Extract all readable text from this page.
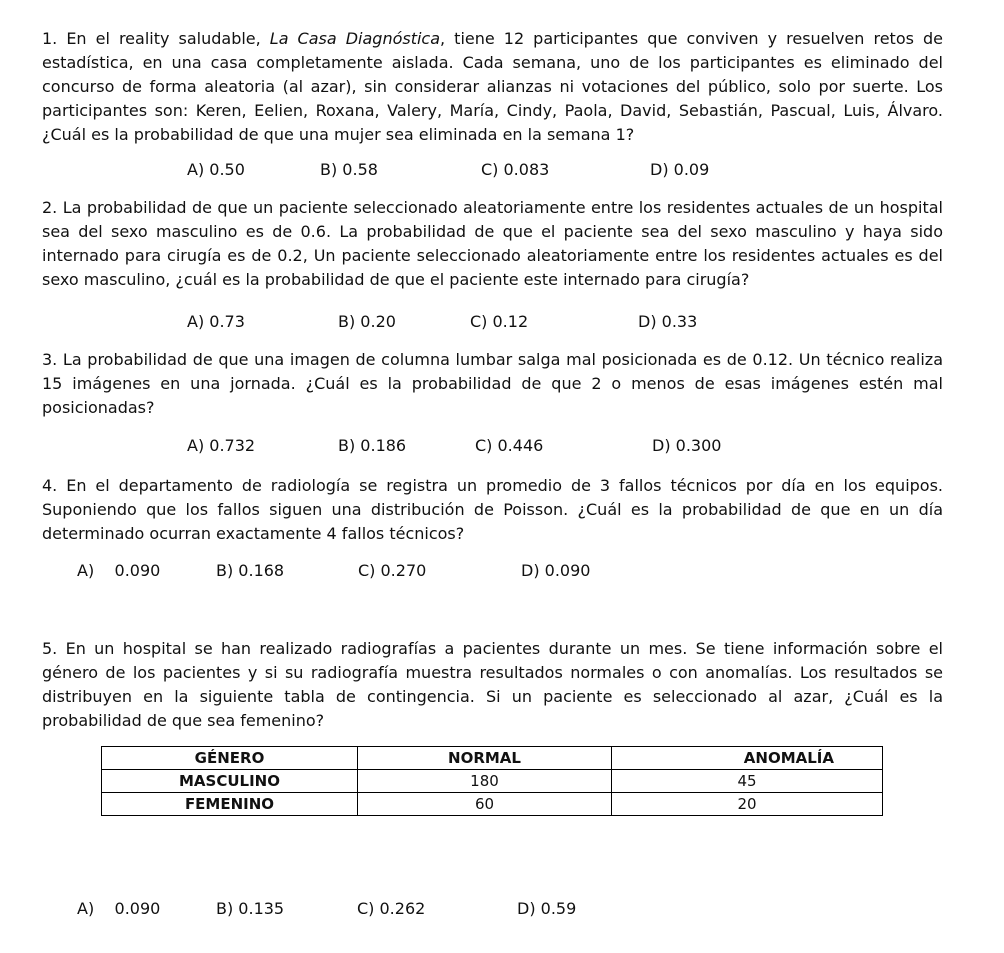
1. En el reality saludable, La Casa Diagnóstica, tiene 12 participantes que conviven y resuelven retos de estadística, en una casa completamente aislada. Cada semana, uno de los participantes es eliminado del concurso de forma aleatoria (al azar), sin considerar alianzas ni votaciones del público, solo por suerte. Los participantes son: Keren, Eelien, Roxana, Valery, María, Cindy, Paola, David, Sebastián, Pascual, Luis, Álvaro. ¿Cuál es la probabilidad de que una mujer sea eliminada en la semana 1?

A) 0.50	B) 0.58	C) 0.083	D) 0.09

2. La probabilidad de que un paciente seleccionado aleatoriamente entre los residentes actuales de un hospital sea del sexo masculino es de 0.6. La probabilidad de que el paciente sea del sexo masculino y haya sido internado para cirugía es de 0.2, Un paciente seleccionado aleatoriamente entre los residentes actuales es del sexo masculino, ¿cuál es la probabilidad de que el paciente este internado para cirugía?

A) 0.73	B) 0.20	C) 0.12	D) 0.33

3. La probabilidad de que una imagen de columna lumbar salga mal posicionada es de 0.12. Un técnico realiza 15 imágenes en una jornada. ¿Cuál es la probabilidad de que 2 o menos de esas imágenes estén mal posicionadas?

A) 0.732	B) 0.186	C) 0.446	D) 0.300

4. En el departamento de radiología se registra un promedio de 3 fallos técnicos por día en los equipos. Suponiendo que los fallos siguen una distribución de Poisson. ¿Cuál es la probabilidad de que en un día determinado ocurran exactamente 4 fallos técnicos?

A)    0.090	B) 0.168	C) 0.270	D) 0.090

5. En un hospital se han realizado radiografías a pacientes durante un mes. Se tiene información sobre el género de los pacientes y si su radiografía muestra resultados normales o con anomalías. Los resultados se distribuyen en la siguiente tabla de contingencia. Si un paciente es seleccionado al azar, ¿Cuál es la probabilidad de que sea femenino?

GÉNERO	NORMAL	ANOMALÍA
MASCULINO	180	45
FEMENINO	60	20
A)    0.090	B) 0.135	C) 0.262	D) 0.59
